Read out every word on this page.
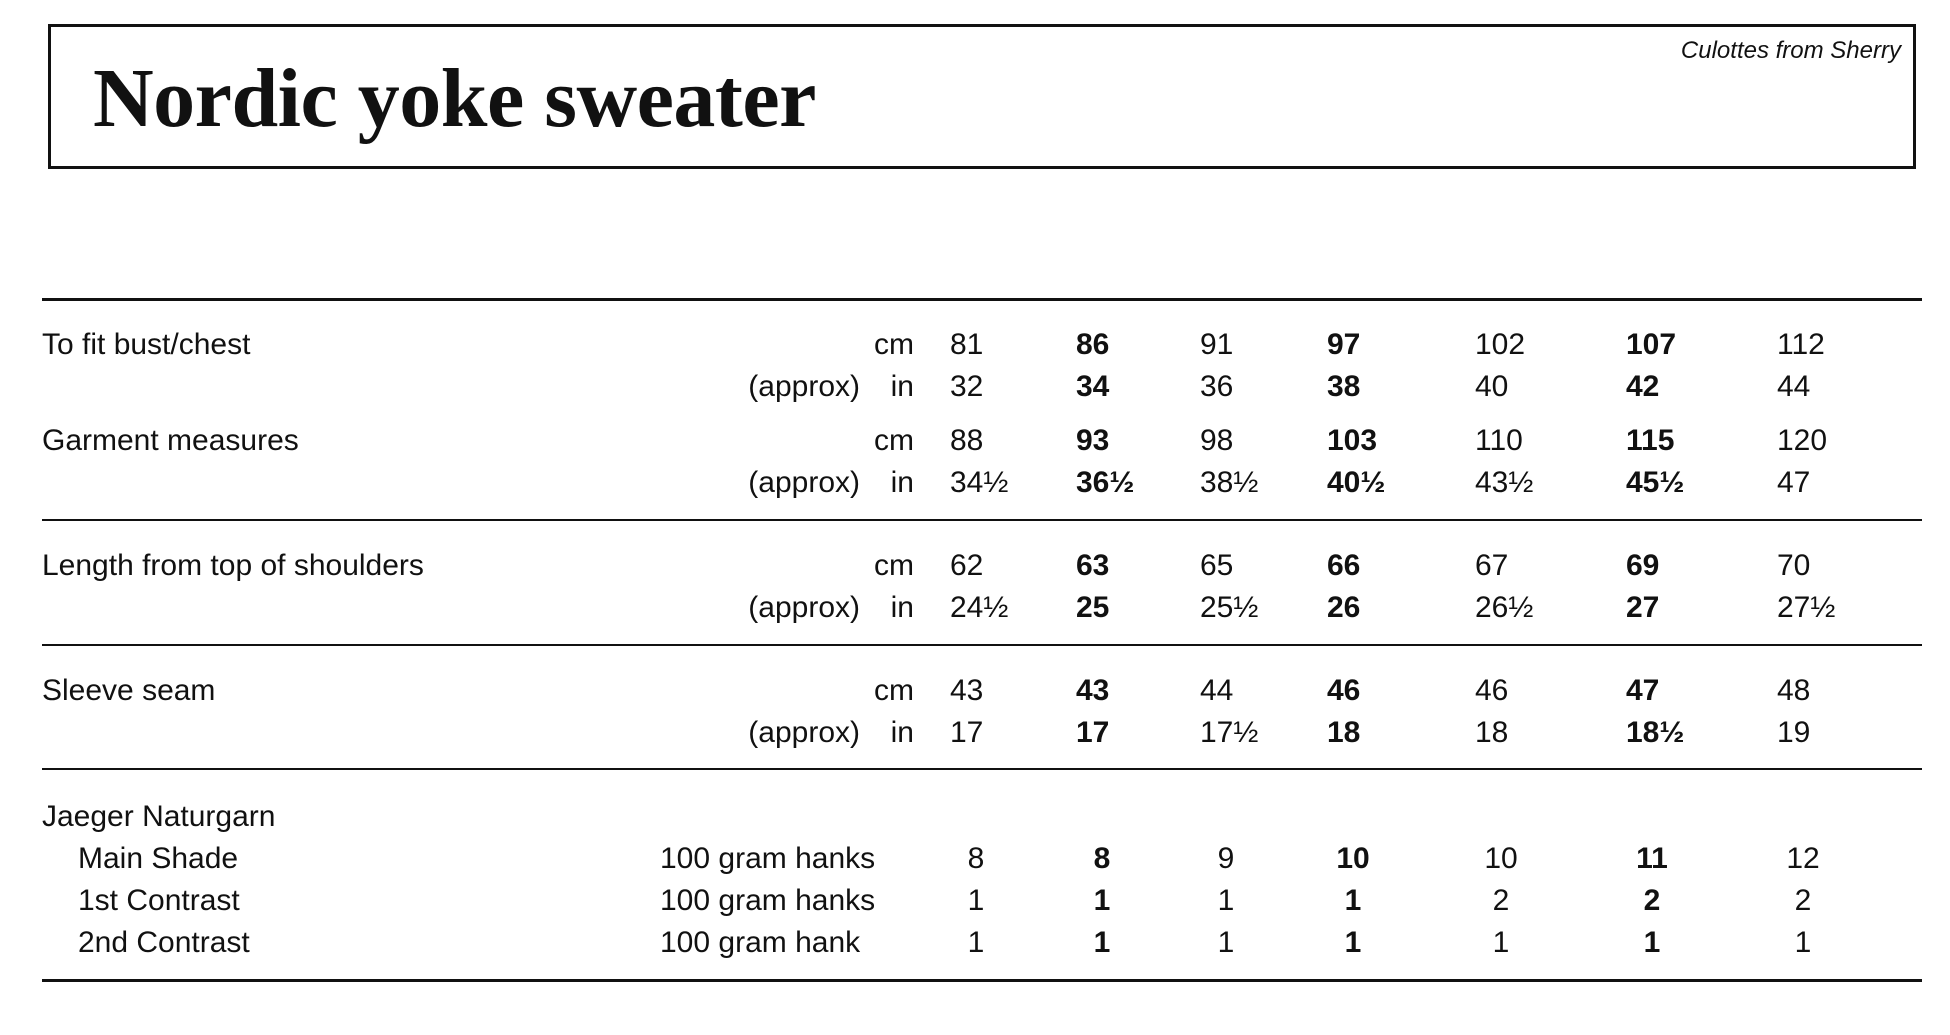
Nordic yoke sweater
Culottes from Sherry
To fit bust/chest	cm 81	86	91	97	102	107	112
(approx)	in 32	34	36	38	40	42	44
Garment measures	cm 88	93	98	103	110	115	120
(approx)	in 34½	36½	38½	40½	43½	45½	47
Length from top of shoulders	cm 62	63	65	66	67	69	70
(approx)	in 24½	25	25½	26	26½	27	27½
Sleeve seam	cm 43	43	44	46	46	47	48
(approx)	in 17	17	17½	18	18	18½	19
Jaeger Naturgarn
Main Shade	100 gram hanks	8	8	9	10	10	11	12
1st Contrast	100 gram hanks	1	1	1	1	2	2	2
2nd Contrast	100 gram hank	1	1	1	1	1	1	1
